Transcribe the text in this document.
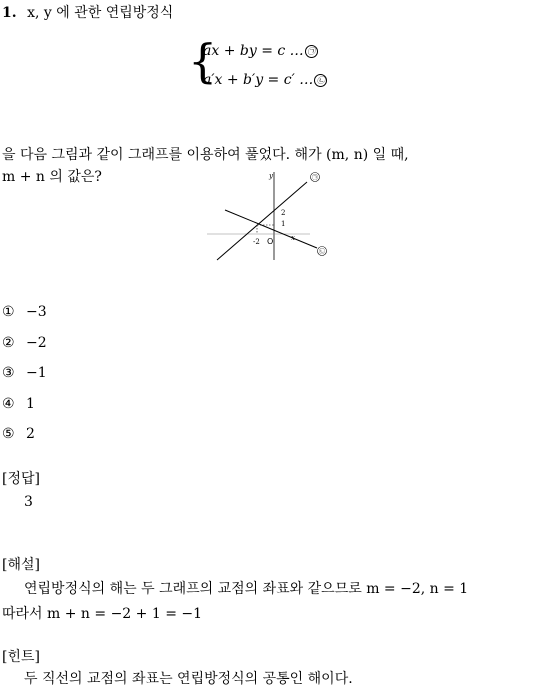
1. x, y 에 관한 연립방정식
{
ax + by = c … ㉠
a′x + b′y = c′ … ㉡
을 다음 그림과 같이 그래프를 이용하여 풀었다. 해가 (m, n) 일 때,
m + n 의 값은?	y
x
O
2
1
-2
㉠
㉡
① −3
② −2
③ −1
④ 1
⑤ 2
[정답]
3
[해설]
연립방정식의 해는 두 그래프의 교점의 좌표와 같으므로 m = −2, n = 1
따라서 m + n = −2 + 1 = −1
[힌트]
두 직선의 교점의 좌표는 연립방정식의 공통인 해이다.
